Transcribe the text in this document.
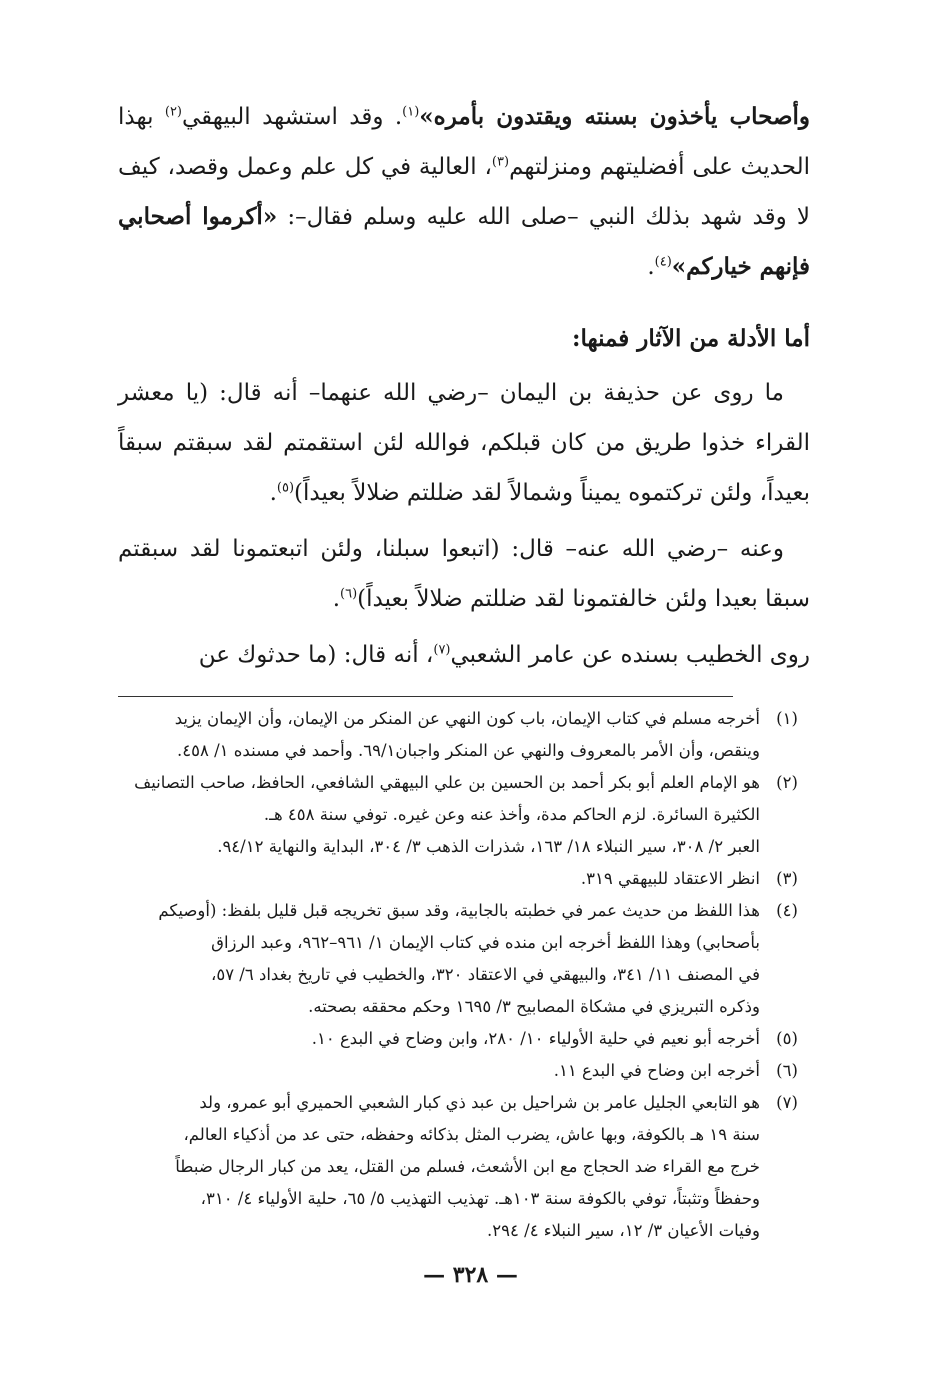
وأصحاب يأخذون بسنته ويقتدون بأمره»$^{(١)}$. وقد استشهد البيهقي$^{(٢)}$ بهذا الحديث على أفضليتهم ومنزلتهم$^{(٣)}$، العالية في كل علم وعمل وقصد، كيف لا وقد شهد بذلك النبي –صلى الله عليه وسلم فقال–: «أكرموا أصحابي فإنهم خياركم»$^{(٤)}$.

أما الأدلة من الآثار فمنها:

ما روى عن حذيفة بن اليمان –رضي الله عنهما– أنه قال: (يا معشر القراء خذوا طريق من كان قبلكم، فوالله لئن استقمتم لقد سبقتم سبقاً بعيداً، ولئن تركتموه يميناً وشمالاً لقد ضللتم ضلالاً بعيداً)$^{(٥)}$.

وعنه –رضي الله عنه– قال: (اتبعوا سبلنا، ولئن اتبعتمونا لقد سبقتم سبقا بعيدا ولئن خالفتمونا لقد ضللتم ضلالاً بعيداً)$^{(٦)}$.

روى الخطيب بسنده عن عامر الشعبي$^{(٧)}$، أنه قال: (ما حدثوك عن

(١)
أخرجه مسلم في كتاب الإيمان، باب كون النهي عن المنكر من الإيمان، وأن الإيمان يزيد
وينقص، وأن الأمر بالمعروف والنهي عن المنكر واجبان٦٩/١. وأحمد في مسنده ١/ ٤٥٨.
(٢)
هو الإمام العلم أبو بكر أحمد بن الحسين بن علي البيهقي الشافعي، الحافظ، صاحب التصانيف
الكثيرة السائرة. لزم الحاكم مدة، وأخذ عنه وعن غيره. توفي سنة ٤٥٨ هـ.
العبر ٢/ ٣٠٨، سير النبلاء ١٨/ ١٦٣، شذرات الذهب ٣/ ٣٠٤، البداية والنهاية ٩٤/١٢.
(٣)
انظر الاعتقاد للبيهقي ٣١٩.
(٤)
هذا اللفظ من حديث عمر في خطبته بالجابية، وقد سبق تخريجه قبل قليل بلفظ: (أوصيكم
بأصحابي) وهذا اللفظ أخرجه ابن منده في كتاب الإيمان ١/ ٩٦١–٩٦٢، وعبد الرزاق
في المصنف ١١/ ٣٤١، والبيهقي في الاعتقاد ٣٢٠، والخطيب في تاريخ بغداد ٦/ ٥٧،
وذكره التبريزي في مشكاة المصابيح ٣/ ١٦٩٥ وحكم محققه بصحته.
(٥)
أخرجه أبو نعيم في حلية الأولياء ١٠/ ٢٨٠، وابن وضاح في البدع ١٠.
(٦)
أخرجه ابن وضاح في البدع ١١.
(٧)
هو التابعي الجليل عامر بن شراحيل بن عبد ذي كبار الشعبي الحميري أبو عمرو، ولد
سنة ١٩ هـ بالكوفة، وبها عاش، يضرب المثل بذكائه وحفظه، حتى عد من أذكياء العالم،
خرج مع القراء ضد الحجاج مع ابن الأشعث، فسلم من القتل، يعد من كبار الرجال ضبطاً
وحفظاً وتثبتاً، توفي بالكوفة سنة ١٠٣هـ. تهذيب التهذيب ٥/ ٦٥، حلية الأولياء ٤/ ٣١٠،
وفيات الأعيان ٣/ ١٢، سير النبلاء ٤/ ٢٩٤.
— ٣٢٨ —
